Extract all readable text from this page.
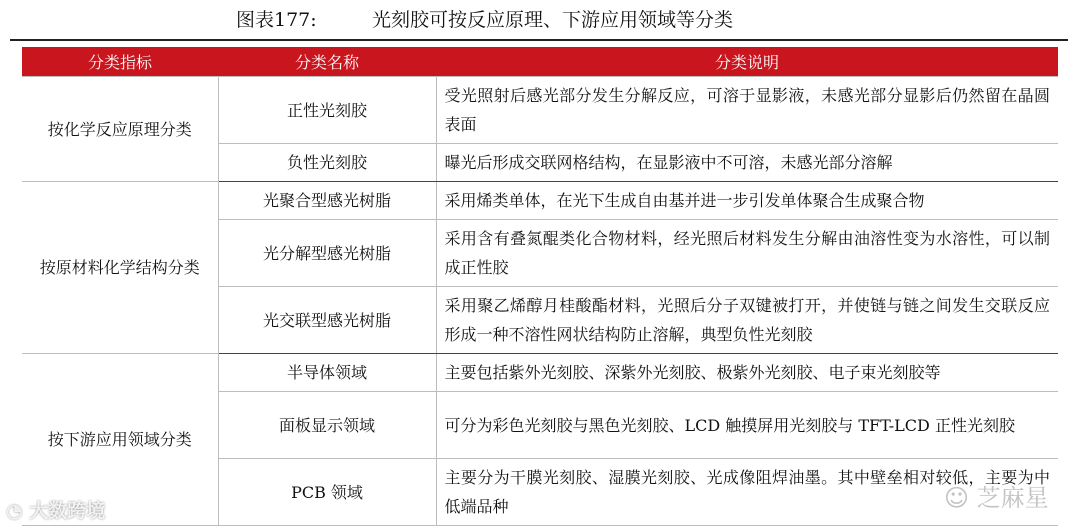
图表177:	光刻胶可按反应原理、下游应用领域等分类
分类指标	分类名称	分类说明
按化学反应原理分类	正性光刻胶	受光照射后感光部分发生分解反应，可溶于显影液，未感光部分显影后仍然留在晶圆表面
	负性光刻胶	曝光后形成交联网格结构，在显影液中不可溶，未感光部分溶解
按原材料化学结构分类	光聚合型感光树脂	采用烯类单体，在光下生成自由基并进一步引发单体聚合生成聚合物
	光分解型感光树脂	采用含有叠氮醌类化合物材料，经光照后材料发生分解由油溶性变为水溶性，可以制成正性胶
	光交联型感光树脂	采用聚乙烯醇月桂酸酯材料，光照后分子双键被打开，并使链与链之间发生交联反应形成一种不溶性网状结构防止溶解，典型负性光刻胶
按下游应用领域分类	半导体领域	主要包括紫外光刻胶、深紫外光刻胶、极紫外光刻胶、电子束光刻胶等
	面板显示领域	可分为彩色光刻胶与黑色光刻胶、LCD 触摸屏用光刻胶与 TFT-LCD 正性光刻胶
	PCB 领域	主要分为干膜光刻胶、湿膜光刻胶、光成像阻焊油墨。其中壁垒相对较低，主要为中低端品种
◔ 大数跨境	☺ 芝麻星
